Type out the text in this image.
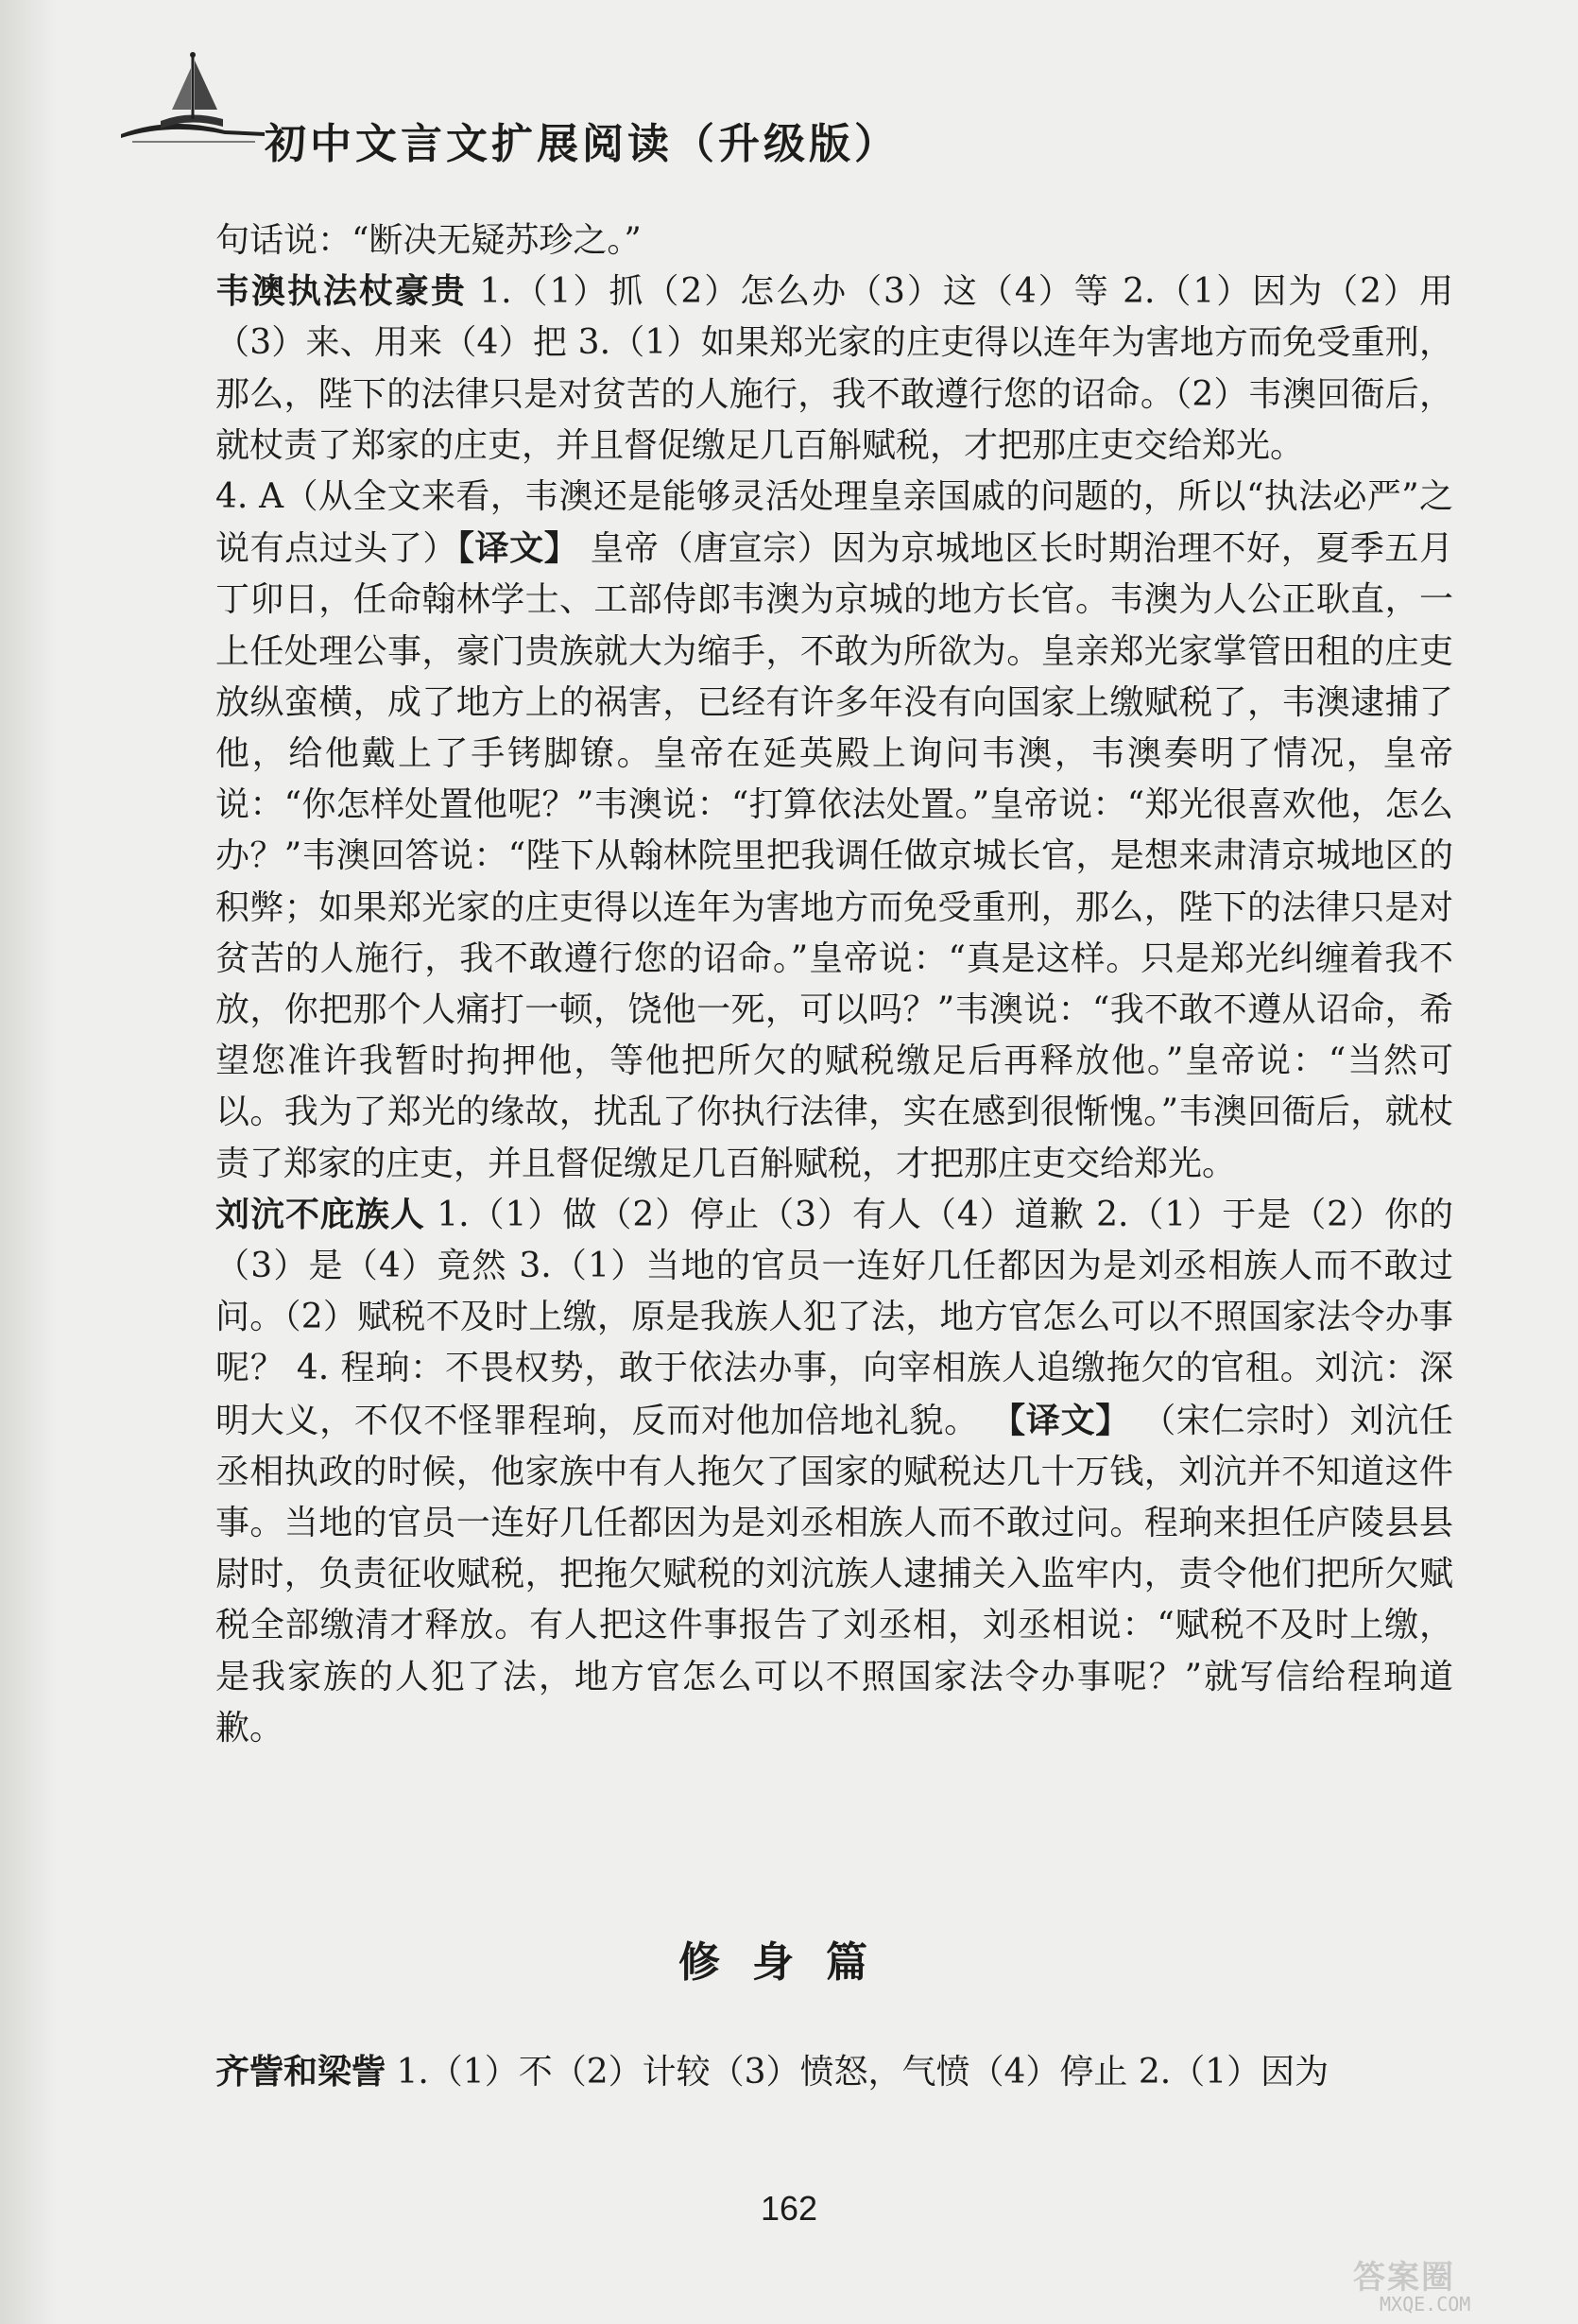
初中文言文扩展阅读（升级版）

句话说：“断决无疑苏珍之。”

韦澳执法杖豪贵 1.（1）抓（2）怎么办（3）这（4）等 2.（1）因为（2）用（3）来、用来（4）把 3.（1）如果郑光家的庄吏得以连年为害地方而免受重刑，那么，陛下的法律只是对贫苦的人施行，我不敢遵行您的诏命。（2）韦澳回衙后，就杖责了郑家的庄吏，并且督促缴足几百斛赋税，才把那庄吏交给郑光。

4. A（从全文来看，韦澳还是能够灵活处理皇亲国戚的问题的，所以“执法必严”之说有点过头了）【译文】 皇帝（唐宣宗）因为京城地区长时期治理不好，夏季五月丁卯日，任命翰林学士、工部侍郎韦澳为京城的地方长官。韦澳为人公正耿直，一上任处理公事，豪门贵族就大为缩手，不敢为所欲为。皇亲郑光家掌管田租的庄吏放纵蛮横，成了地方上的祸害，已经有许多年没有向国家上缴赋税了，韦澳逮捕了他，给他戴上了手铐脚镣。皇帝在延英殿上询问韦澳，韦澳奏明了情况，皇帝说：“你怎样处置他呢？”韦澳说：“打算依法处置。”皇帝说：“郑光很喜欢他，怎么办？”韦澳回答说：“陛下从翰林院里把我调任做京城长官，是想来肃清京城地区的积弊；如果郑光家的庄吏得以连年为害地方而免受重刑，那么，陛下的法律只是对贫苦的人施行，我不敢遵行您的诏命。”皇帝说：“真是这样。只是郑光纠缠着我不放，你把那个人痛打一顿，饶他一死，可以吗？”韦澳说：“我不敢不遵从诏命，希望您准许我暂时拘押他，等他把所欠的赋税缴足后再释放他。”皇帝说：“当然可以。我为了郑光的缘故，扰乱了你执行法律，实在感到很惭愧。”韦澳回衙后，就杖责了郑家的庄吏，并且督促缴足几百斛赋税，才把那庄吏交给郑光。

刘沆不庇族人 1.（1）做（2）停止（3）有人（4）道歉 2.（1）于是（2）你的（3）是（4）竟然 3.（1）当地的官员一连好几任都因为是刘丞相族人而不敢过问。（2）赋税不及时上缴，原是我族人犯了法，地方官怎么可以不照国家法令办事呢？ 4. 程珦：不畏权势，敢于依法办事，向宰相族人追缴拖欠的官租。刘沆：深明大义，不仅不怪罪程珦，反而对他加倍地礼貌。 【译文】 （宋仁宗时）刘沆任丞相执政的时候，他家族中有人拖欠了国家的赋税达几十万钱，刘沆并不知道这件事。当地的官员一连好几任都因为是刘丞相族人而不敢过问。程珦来担任庐陵县县尉时，负责征收赋税，把拖欠赋税的刘沆族人逮捕关入监牢内，责令他们把所欠赋税全部缴清才释放。有人把这件事报告了刘丞相，刘丞相说：“赋税不及时上缴，是我家族的人犯了法，地方官怎么可以不照国家法令办事呢？”就写信给程珦道歉。

修身篇

齐訾和梁訾 1.（1）不（2）计较（3）愤怒，气愤（4）停止 2.（1）因为

162
答案圈
MXQE.COM
